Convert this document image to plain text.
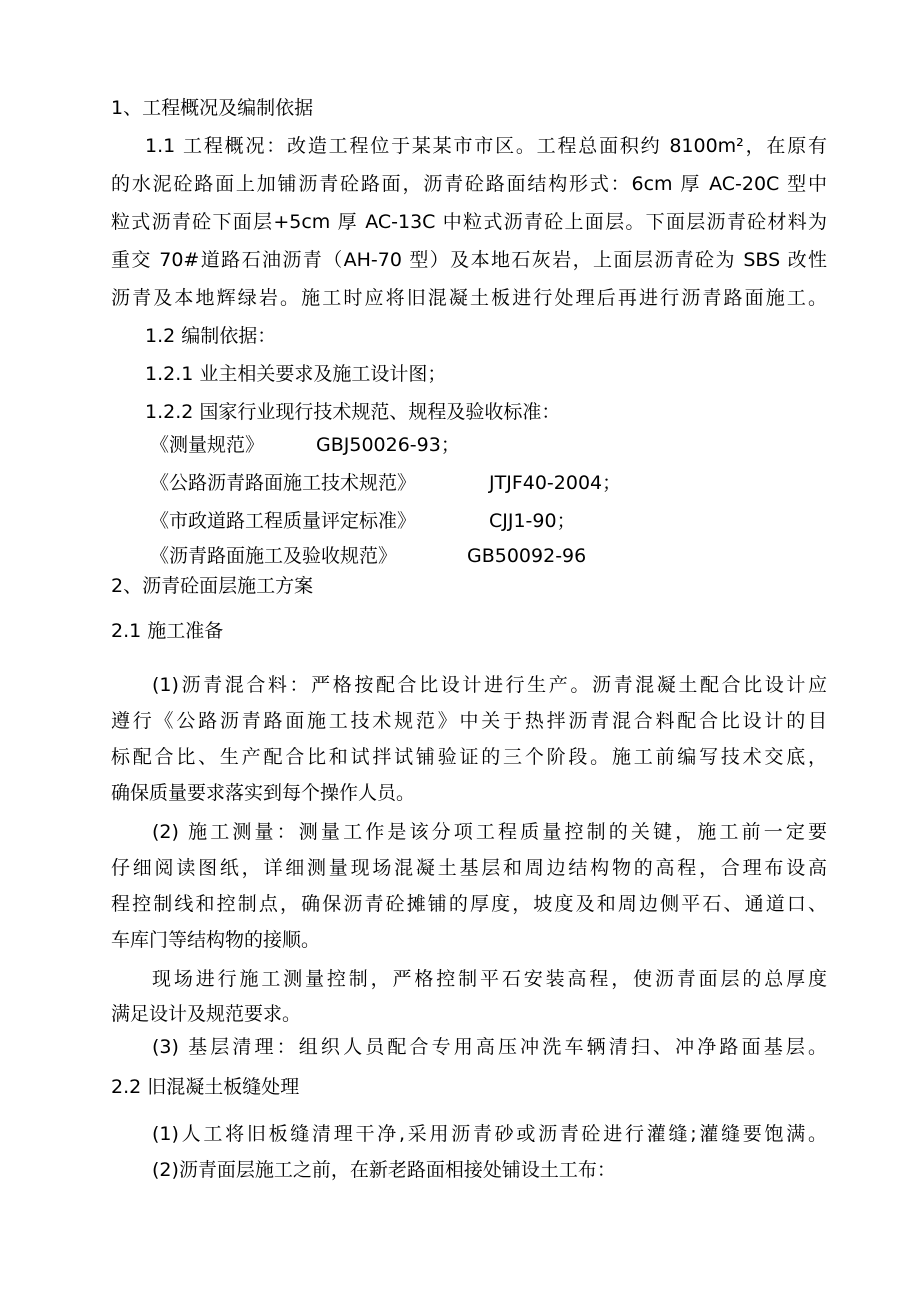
1、工程概况及编制依据
1.1 工程概况：改造工程位于某某市市区。工程总面积约 8100m²，在原有
的水泥砼路面上加铺沥青砼路面，沥青砼路面结构形式：6cm 厚 AC-20C 型中
粒式沥青砼下面层+5cm 厚 AC-13C 中粒式沥青砼上面层。下面层沥青砼材料为
重交 70#道路石油沥青（AH-70 型）及本地石灰岩，上面层沥青砼为 SBS 改性
沥青及本地辉绿岩。施工时应将旧混凝土板进行处理后再进行沥青路面施工。
1.2 编制依据：
1.2.1 业主相关要求及施工设计图；
1.2.2 国家行业现行技术规范、规程及验收标准：
《测量规范》	GBJ50026-93；
《公路沥青路面施工技术规范》	JTJF40-2004；
《市政道路工程质量评定标准》	CJJ1-90；
《沥青路面施工及验收规范》	GB50092-96
2、沥青砼面层施工方案
2.1 施工准备
(1)沥青混合料：严格按配合比设计进行生产。沥青混凝土配合比设计应
遵行《公路沥青路面施工技术规范》中关于热拌沥青混合料配合比设计的目
标配合比、生产配合比和试拌试铺验证的三个阶段。施工前编写技术交底，
确保质量要求落实到每个操作人员。
(2) 施工测量：测量工作是该分项工程质量控制的关键，施工前一定要
仔细阅读图纸，详细测量现场混凝土基层和周边结构物的高程，合理布设高
程控制线和控制点，确保沥青砼摊铺的厚度，坡度及和周边侧平石、通道口、
车库门等结构物的接顺。
现场进行施工测量控制，严格控制平石安装高程，使沥青面层的总厚度
满足设计及规范要求。
(3) 基层清理：组织人员配合专用高压冲洗车辆清扫、冲净路面基层。
2.2 旧混凝土板缝处理
(1)人工将旧板缝清理干净,采用沥青砂或沥青砼进行灌缝;灌缝要饱满。
(2)沥青面层施工之前，在新老路面相接处铺设土工布：
